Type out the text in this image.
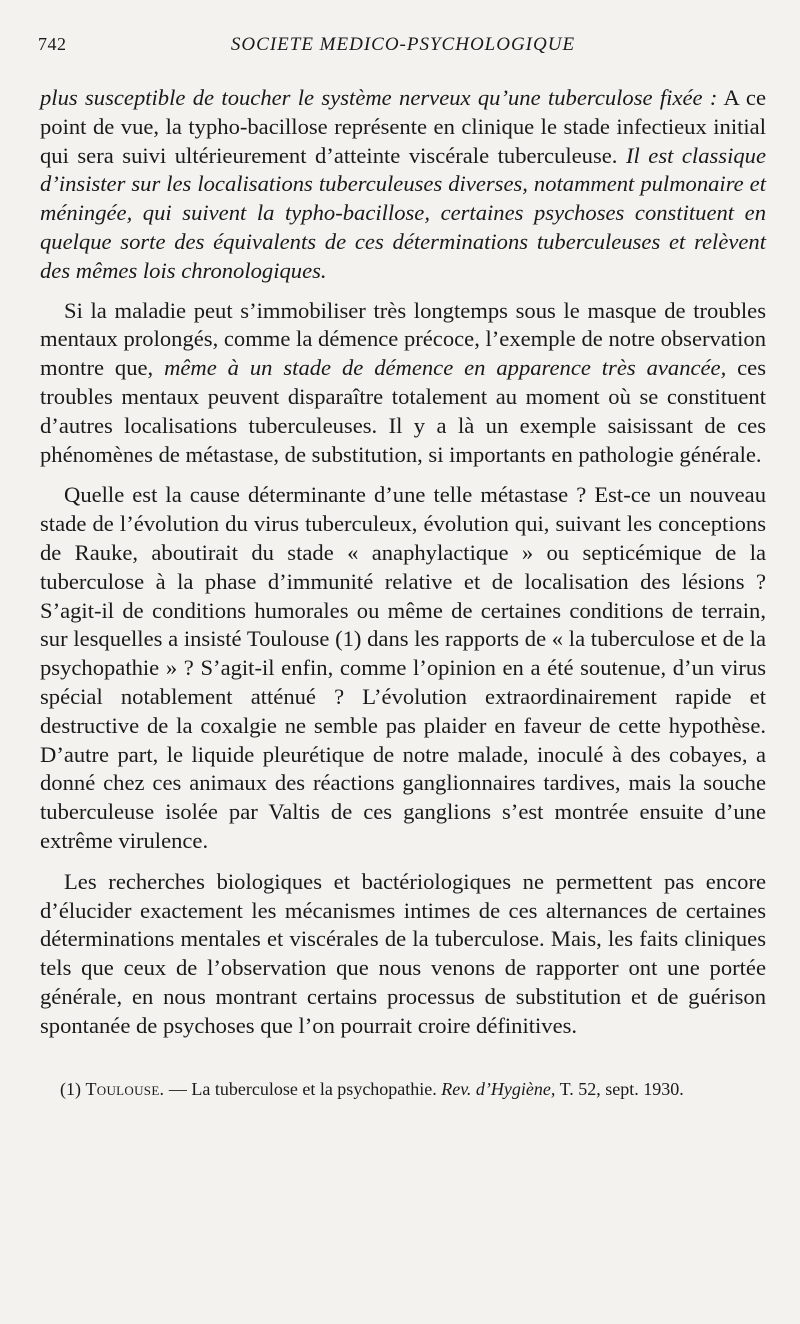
742	SOCIETE MEDICO-PSYCHOLOGIQUE

plus susceptible de toucher le système nerveux qu’une tuberculose fixée : A ce point de vue, la typho-bacillose représente en clinique le stade infectieux initial qui sera suivi ultérieurement d’atteinte viscérale tuberculeuse. Il est classique d’insister sur les localisations tuberculeuses diverses, notamment pulmonaire et méningée, qui suivent la typho-bacillose, certaines psychoses constituent en quelque sorte des équivalents de ces déterminations tuberculeuses et relèvent des mêmes lois chronologiques.

Si la maladie peut s’immobiliser très longtemps sous le masque de troubles mentaux prolongés, comme la démence précoce, l’exemple de notre observation montre que, même à un stade de démence en apparence très avancée, ces troubles mentaux peuvent disparaître totalement au moment où se constituent d’autres localisations tuberculeuses. Il y a là un exemple saisissant de ces phénomènes de métastase, de substitution, si importants en pathologie générale.

Quelle est la cause déterminante d’une telle métastase ? Est-ce un nouveau stade de l’évolution du virus tuberculeux, évolution qui, suivant les conceptions de Rauke, aboutirait du stade « anaphylactique » ou septicémique de la tuberculose à la phase d’immunité relative et de localisation des lésions ? S’agit-il de conditions humorales ou même de certaines conditions de terrain, sur lesquelles a insisté Toulouse (1) dans les rapports de « la tuberculose et de la psychopathie » ? S’agit-il enfin, comme l’opinion en a été soutenue, d’un virus spécial notablement atténué ? L’évolution extraordinairement rapide et destructive de la coxalgie ne semble pas plaider en faveur de cette hypothèse. D’autre part, le liquide pleurétique de notre malade, inoculé à des cobayes, a donné chez ces animaux des réactions ganglionnaires tardives, mais la souche tuberculeuse isolée par Valtis de ces ganglions s’est montrée ensuite d’une extrême virulence.

Les recherches biologiques et bactériologiques ne permettent pas encore d’élucider exactement les mécanismes intimes de ces alternances de certaines déterminations mentales et viscérales de la tuberculose. Mais, les faits cliniques tels que ceux de l’observation que nous venons de rapporter ont une portée générale, en nous montrant certains processus de substitution et de guérison spontanée de psychoses que l’on pourrait croire définitives.

(1) Toulouse. — La tuberculose et la psychopathie. Rev. d’Hygiène, T. 52, sept. 1930.
